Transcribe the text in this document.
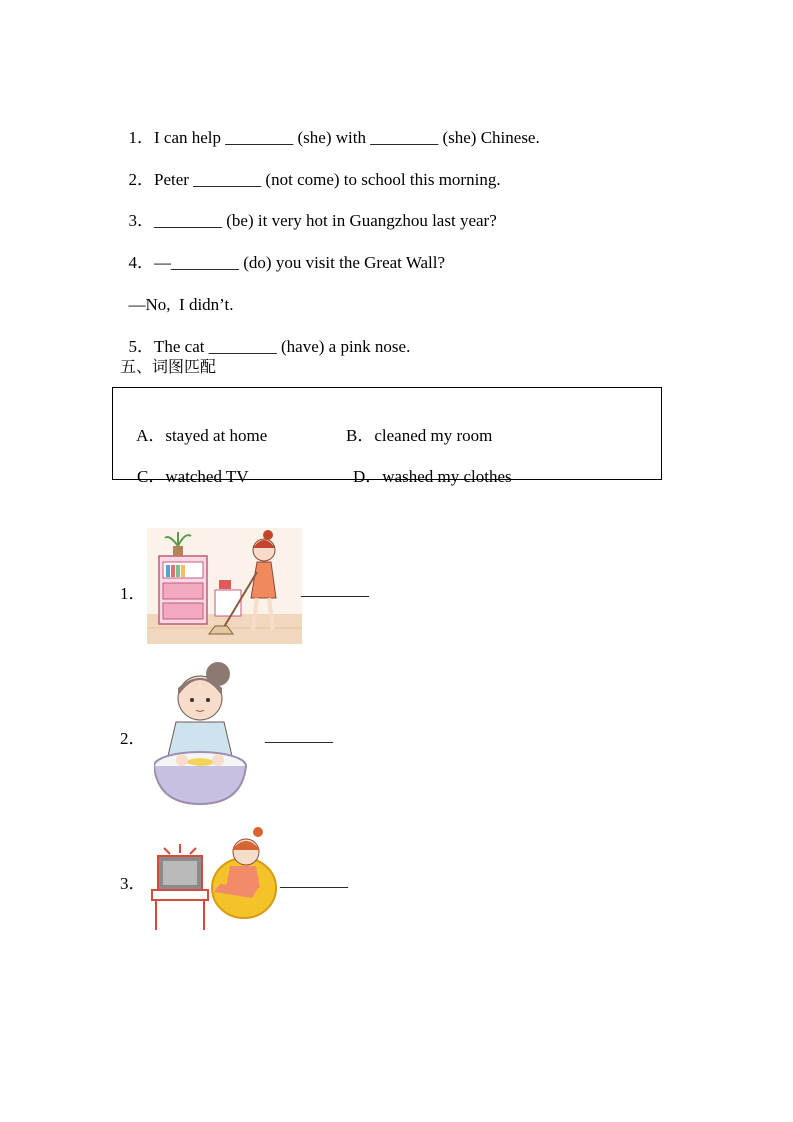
1．I can help ________ (she) with ________ (she) Chinese.

2．Peter ________ (not come) to school this morning.

3．________ (be) it very hot in Guangzhou last year?

4．—________ (do) you visit the Great Wall?

—No,  I didn’t.

5．The cat ________ (have) a pink nose.

五、词图匹配

A．stayed at home
	B．cleaned my room

C．watched TV
	D．washed my clothes

1．	________
2．	________
3．	________
